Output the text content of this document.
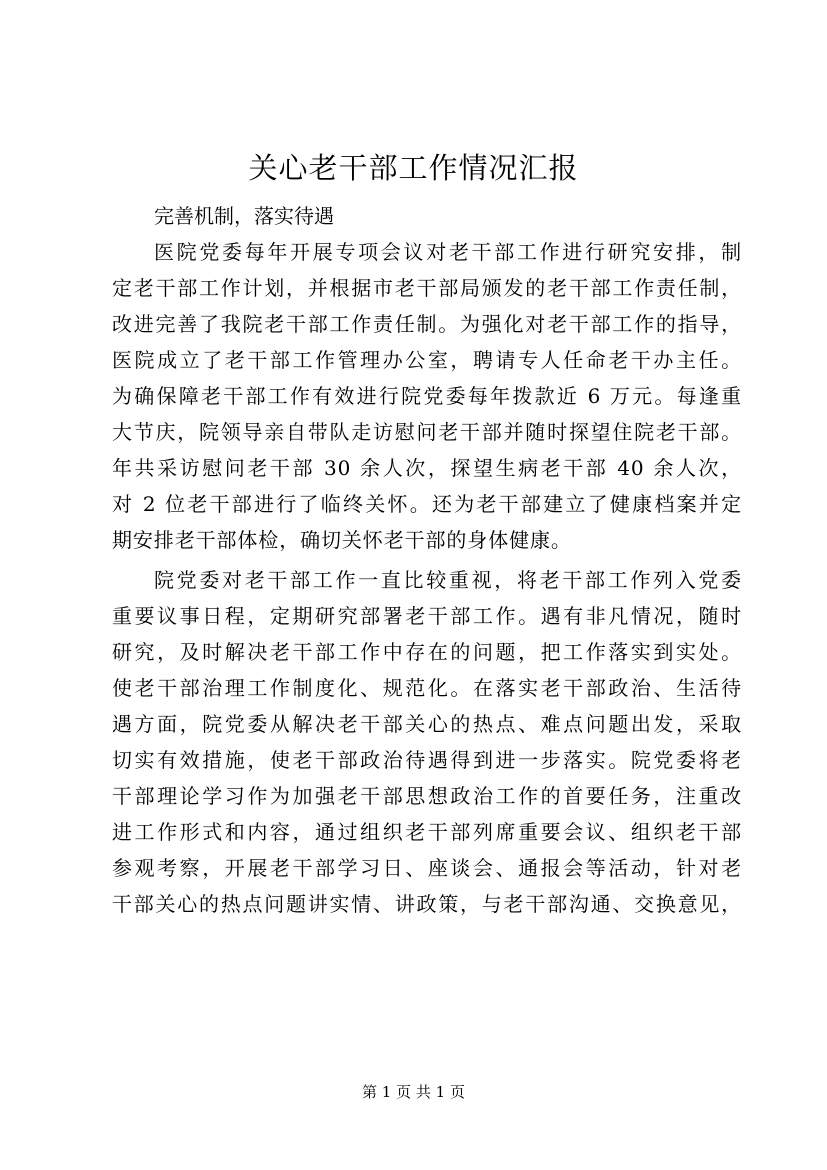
关心老干部工作情况汇报

完善机制，落实待遇

医院党委每年开展专项会议对老干部工作进行研究安排，制
定老干部工作计划，并根据市老干部局颁发的老干部工作责任制，
改进完善了我院老干部工作责任制。为强化对老干部工作的指导，
医院成立了老干部工作管理办公室，聘请专人任命老干办主任。
为确保障老干部工作有效进行院党委每年拨款近 6 万元。每逢重
大节庆，院领导亲自带队走访慰问老干部并随时探望住院老干部。
年共采访慰问老干部 30 余人次，探望生病老干部 40 余人次，
对 2 位老干部进行了临终关怀。还为老干部建立了健康档案并定
期安排老干部体检，确切关怀老干部的身体健康。

院党委对老干部工作一直比较重视，将老干部工作列入党委
重要议事日程，定期研究部署老干部工作。遇有非凡情况，随时
研究，及时解决老干部工作中存在的问题，把工作落实到实处。
使老干部治理工作制度化、规范化。在落实老干部政治、生活待
遇方面，院党委从解决老干部关心的热点、难点问题出发，采取
切实有效措施，使老干部政治待遇得到进一步落实。院党委将老
干部理论学习作为加强老干部思想政治工作的首要任务，注重改
进工作形式和内容，通过组织老干部列席重要会议、组织老干部
参观考察，开展老干部学习日、座谈会、通报会等活动，针对老
干部关心的热点问题讲实情、讲政策，与老干部沟通、交换意见，

第 1 页 共 1 页
